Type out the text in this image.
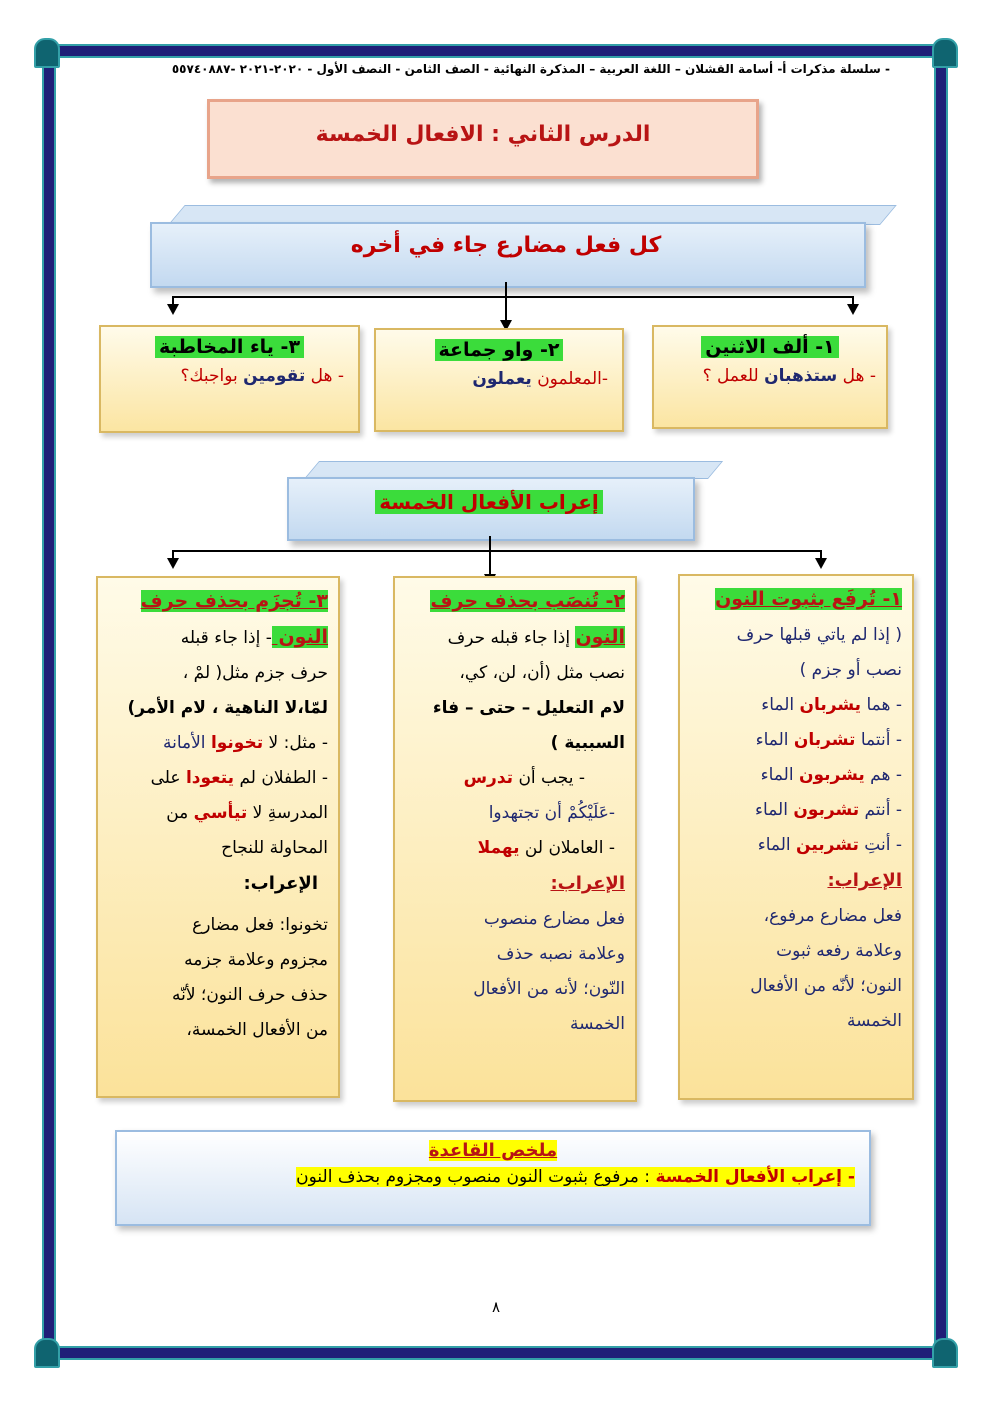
- سلسلة مذكرات أ- أسامة القشلان – اللغة العربية – المذكرة النهائية - الصف الثامن - النصف الأول - ٢٠٢٠-٢٠٢١ -٥٥٧٤٠٨٨٧
الدرس الثاني : الافعال الخمسة
كل فعل مضارع جاء في أخره
١- ألف الاثنين
- هل ستذهبان للعمل ؟
٢- واو جماعة
-المعلمون يعملون
٣- ياء المخاطبة
- هل تقومين بواجبك؟
إعراب الأفعال الخمسة
١- تُرفَع بثبوت النون
( إذا لم ياتي قبلها حرف
نصب أو جزم )
- هما يشربان الماء
- أنتما تشربان الماء
- هم يشربون الماء
- أنتم تشربون الماء
- أنتِ تشربين الماء
الإعراب:
فعل مضارع مرفوع،
وعلامة رفعه ثبوت
النون؛ لأنّه من الأفعال
الخمسة
٢- تُنصَب بحذف حرف
النون إذا جاء قبله حرف
نصب مثل (أن، لن، كي،
لام التعليل – حتى – فاء
السببية )
- يجب أن تدرس
-عَلَيْكُمْ أن تجتهدوا
- العاملان لن يهملا
الإعراب:
فعل مضارع منصوب
وعلامة نصبه حذف
النّون؛ لأنه من الأفعال
الخمسة
٣- تُجزَم بحذف حرف
النون - إذا جاء قبله
حرف جزم مثل( لمْ ،
لمّا،لا الناهية ، لام الأمر)
- مثل: لا تخونوا الأمانة
- الطفلان لم يتعودا على
المدرسةِ لا تيأسي من
المحاولة للنجاح
الإعراب:
تخونوا: فعل مضارع
مجزوم وعلامة جزمه
حذف حرف النون؛ لأنّه
من الأفعال الخمسة،
ملخص القاعدة
- إعراب الأفعال الخمسة : مرفوع بثبوت النون منصوب ومجزوم بحذف النون
٨
